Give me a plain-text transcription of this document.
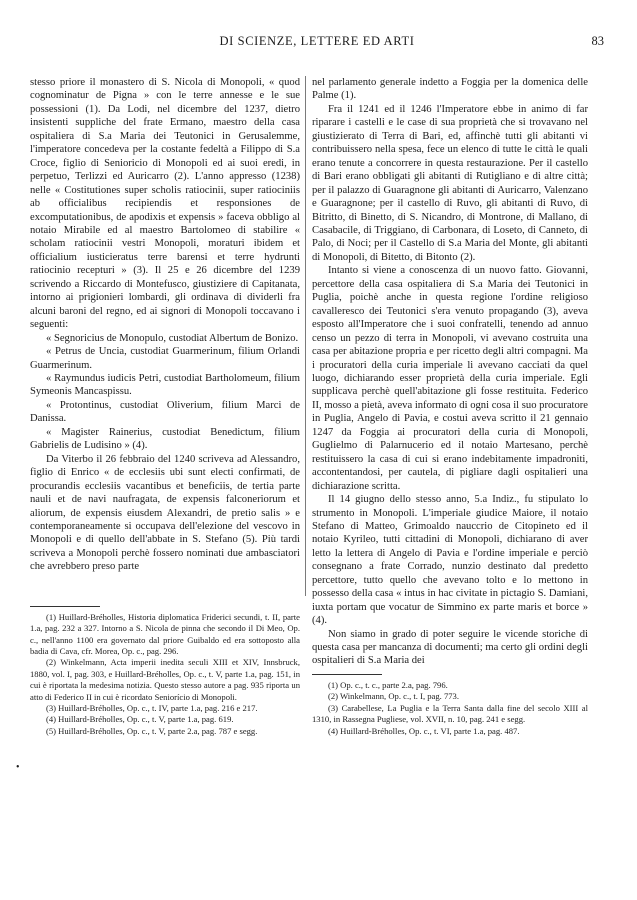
DI SCIENZE, LETTERE ED ARTI	83

stesso priore il monastero di S. Nicola di Monopoli, « quod cognominatur de Pigna » con le terre annesse e le sue possessioni (1). Da Lodi, nel dicembre del 1237, dietro insistenti suppliche del frate Ermano, maestro della casa ospitaliera di S.a Maria dei Teutonici in Gerusalemme, l'imperatore concedeva per la costante fedeltà a Filippo di S.a Croce, figlio di Senioricio di Monopoli ed ai suoi eredi, in perpetuo, Terlizzi ed Auricarro (2). L'anno appresso (1238) nelle « Costitutiones super scholis ratiocinii, super ratiociniis ab officialibus recipiendis et responsiones de excomputationibus, de apodixis et expensis » faceva obbligo al notaio Mirabile ed al maestro Bartolomeo di stabilire « scholam ratiocinii vestri Monopoli, moraturi ibidem et officialium iusticieratus terre barensi et terre hydrunti ratiocinio recepturi » (3). Il 25 e 26 dicembre del 1239 scrivendo a Riccardo di Montefusco, giustiziere di Capitanata, intorno ai prigionieri lombardi, gli ordinava di dividerli fra alcuni baroni del regno, ed ai signori di Monopoli toccavano i seguenti:

« Segnoricius de Monopulo, custodiat Albertum de Bonizo.

« Petrus de Uncia, custodiat Guarmerinum, filium Orlandi Guarmerinum.

« Raymundus iudicis Petri, custodiat Bartholomeum, filium Symeonis Mancaspissu.

« Protontinus, custodiat Oliverium, filium Marci de Danissa.

« Magister Rainerius, custodiat Benedictum, filium Gabrielis de Ludisino » (4).

Da Viterbo il 26 febbraio del 1240 scriveva ad Alessandro, figlio di Enrico « de ecclesiis ubi sunt electi confirmati, de procurandis ecclesiis vacantibus et beneficiis, de tertia parte nauli et de navi naufragata, de expensis falconeriorum et aliorum, de expensis eiusdem Alexandri, de pretio salis » e contemporaneamente si occupava dell'elezione del vescovo in Monopoli e di quello dell'abbate in S. Stefano (5). Più tardi scriveva a Monopoli perchè fossero nominati due ambasciatori che avrebbero preso parte

(1) Huillard-Bréholles, Historia diplomatica Friderici secundi, t. II, parte 1.a, pag. 232 a 327. Intorno a S. Nicola de pinna che secondo il Di Meo, Op. c., nell'anno 1100 era governato dal priore Guibaldo ed era sottoposto alla badia di Cava, cfr. Morea, Op. c., pag. 296.

(2) Winkelmann, Acta imperii inedita seculi XIII et XIV, Innsbruck, 1880, vol. I, pag. 303, e Huillard-Bréholles, Op. c., t. V, parte 1.a, pag. 151, in cui è riportata la medesima notizia. Questo stesso autore a pag. 935 riporta un atto di Federico II in cui è ricordato Seniorício di Monopoli.

(3) Huillard-Bréholles, Op. c., t. IV, parte 1.a, pag. 216 e 217.

(4) Huillard-Bréholles, Op. c., t. V, parte 1.a, pag. 619.

(5) Huillard-Bréholles, Op. c., t. V, parte 2.a, pag. 787 e segg.

nel parlamento generale indetto a Foggia per la domenica delle Palme (1).

Fra il 1241 ed il 1246 l'Imperatore ebbe in animo di far riparare i castelli e le case di sua proprietà che si trovavano nel giustizierato di Terra di Bari, ed, affinchè tutti gli abitanti vi contribuissero nella spesa, fece un elenco di tutte le città le quali erano tenute a concorrere in questa restaurazione. Per il castello di Bari erano obbligati gli abitanti di Rutigliano e di altre città; per il palazzo di Guaragnone gli abitanti di Auricarro, Valenzano e Guaragnone; per il castello di Ruvo, gli abitanti di Ruvo, di Bitritto, di Binetto, di S. Nicandro, di Montrone, di Mallano, di Casabacile, di Triggiano, di Carbonara, di Loseto, di Canneto, di Palo, di Noci; per il Castello di S.a Maria del Monte, gli abitanti di Monopoli, di Bitetto, di Bitonto (2).

Intanto si viene a conoscenza di un nuovo fatto. Giovanni, percettore della casa ospitaliera di S.a Maria dei Teutonici in Puglia, poichè anche in questa regione l'ordine religioso cavalleresco dei Teutonici s'era venuto propagando (3), aveva esposto all'Imperatore che i suoi confratelli, tenendo ad annuo censo un pezzo di terra in Monopoli, vi avevano costruita una casa per abitazione propria e per ricetto degli altri compagni. Ma i procuratori della curia imperiale li avevano cacciati da quel luogo, dichiarando esser proprietà della curia imperiale. Egli supplicava perchè quell'abitazione gli fosse restituita. Federico II, mosso a pietà, aveva informato di ogni cosa il suo procuratore in Puglia, Angelo di Pavia, e costui aveva scritto il 21 gennaio 1247 da Foggia ai procuratori della curia di Monopoli, Guglielmo di Palarnucerio ed il notaio Martesano, perchè restituissero la casa di cui si erano indebitamente impadroniti, accontentandosi, per cautela, di pigliare dagli ospitalieri una dichiarazione scritta.

Il 14 giugno dello stesso anno, 5.a Indiz., fu stipulato lo strumento in Monopoli. L'imperiale giudice Maiore, il notaio Stefano di Matteo, Grimoaldo nauccrio de Citopineto ed il notaio Kyrileo, tutti cittadini di Monopoli, dichiarano di aver letto la lettera di Angelo di Pavia e l'ordine imperiale e perciò consegnano a frate Corrado, nunzio destinato dal predetto percettore, tutto quello che avevano tolto e lo mettono in possesso della casa « intus in hac civitate in pictagio S. Damiani, iuxta portam que vocatur de Simmino ex parte maris et borce » (4).

Non siamo in grado di poter seguire le vicende storiche di questa casa per mancanza di documenti; ma certo gli ordini degli ospitalieri di S.a Maria dei

(1) Op. c., t. c., parte 2.a, pag. 796.

(2) Winkelmann, Op. c., t. I, pag. 773.

(3) Carabellese, La Puglia e la Terra Santa dalla fine del secolo XIII al 1310, in Rassegna Pugliese, vol. XVII, n. 10, pag. 241 e segg.

(4) Huillard-Bréholles, Op. c., t. VI, parte 1.a, pag. 487.

•
